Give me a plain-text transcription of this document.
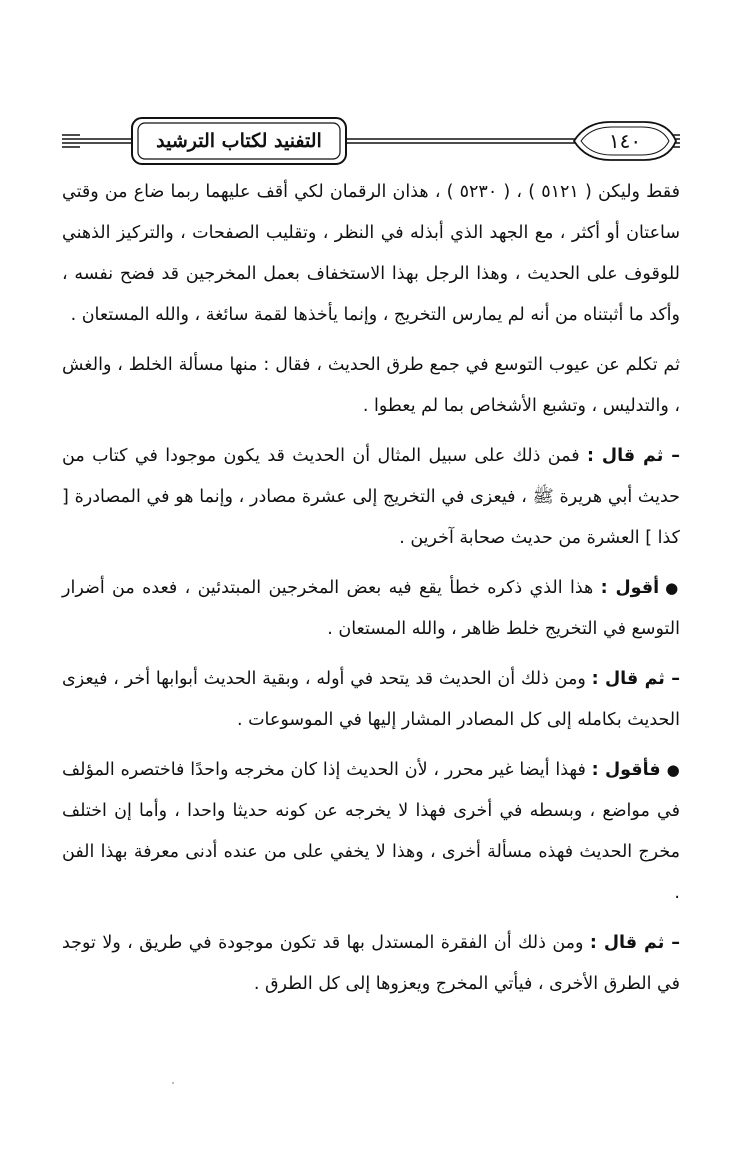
التفنيد لكتاب الترشيد	١٤٠

فقط وليكن ( ٥١٢١ ) ، ( ٥٢٣٠ ) ، هذان الرقمان لكي أقف عليهما ربما ضاع من وقتي ساعتان أو أكثر ، مع الجهد الذي أبذله في النظر ، وتقليب الصفحات ، والتركيز الذهني للوقوف على الحديث ، وهذا الرجل بهذا الاستخفاف بعمل المخرجين قد فضح نفسه ، وأكد ما أثبتناه من أنه لم يمارس التخريج ، وإنما يأخذها لقمة سائغة ، والله المستعان .

ثم تكلم عن عيوب التوسع في جمع طرق الحديث ، فقال : منها مسألة الخلط ، والغش ، والتدليس ، وتشبع الأشخاص بما لم يعطوا .

– ثم قال : فمن ذلك على سبيل المثال أن الحديث قد يكون موجودا في كتاب من حديث أبي هريرة ﷺ ، فيعزى في التخريج إلى عشرة مصادر ، وإنما هو في المصادرة [ كذا ] العشرة من حديث صحابة آخرين .

●أقول : هذا الذي ذكره خطأ يقع فيه بعض المخرجين المبتدئين ، فعده من أضرار التوسع في التخريج خلط ظاهر ، والله المستعان .

– ثم قال : ومن ذلك أن الحديث قد يتحد في أوله ، وبقية الحديث أبوابها أخر ، فيعزى الحديث بكامله إلى كل المصادر المشار إليها في الموسوعات .

●فأقول : فهذا أيضا غير محرر ، لأن الحديث إذا كان مخرجه واحدًا فاختصره المؤلف في مواضع ، وبسطه في أخرى فهذا لا يخرجه عن كونه حديثا واحدا ، وأما إن اختلف مخرج الحديث فهذه مسألة أخرى ، وهذا لا يخفي على من عنده أدنى معرفة بهذا الفن .

– ثم قال : ومن ذلك أن الفقرة المستدل بها قد تكون موجودة في طريق ، ولا توجد في الطرق الأخرى ، فيأتي المخرج ويعزوها إلى كل الطرق .
